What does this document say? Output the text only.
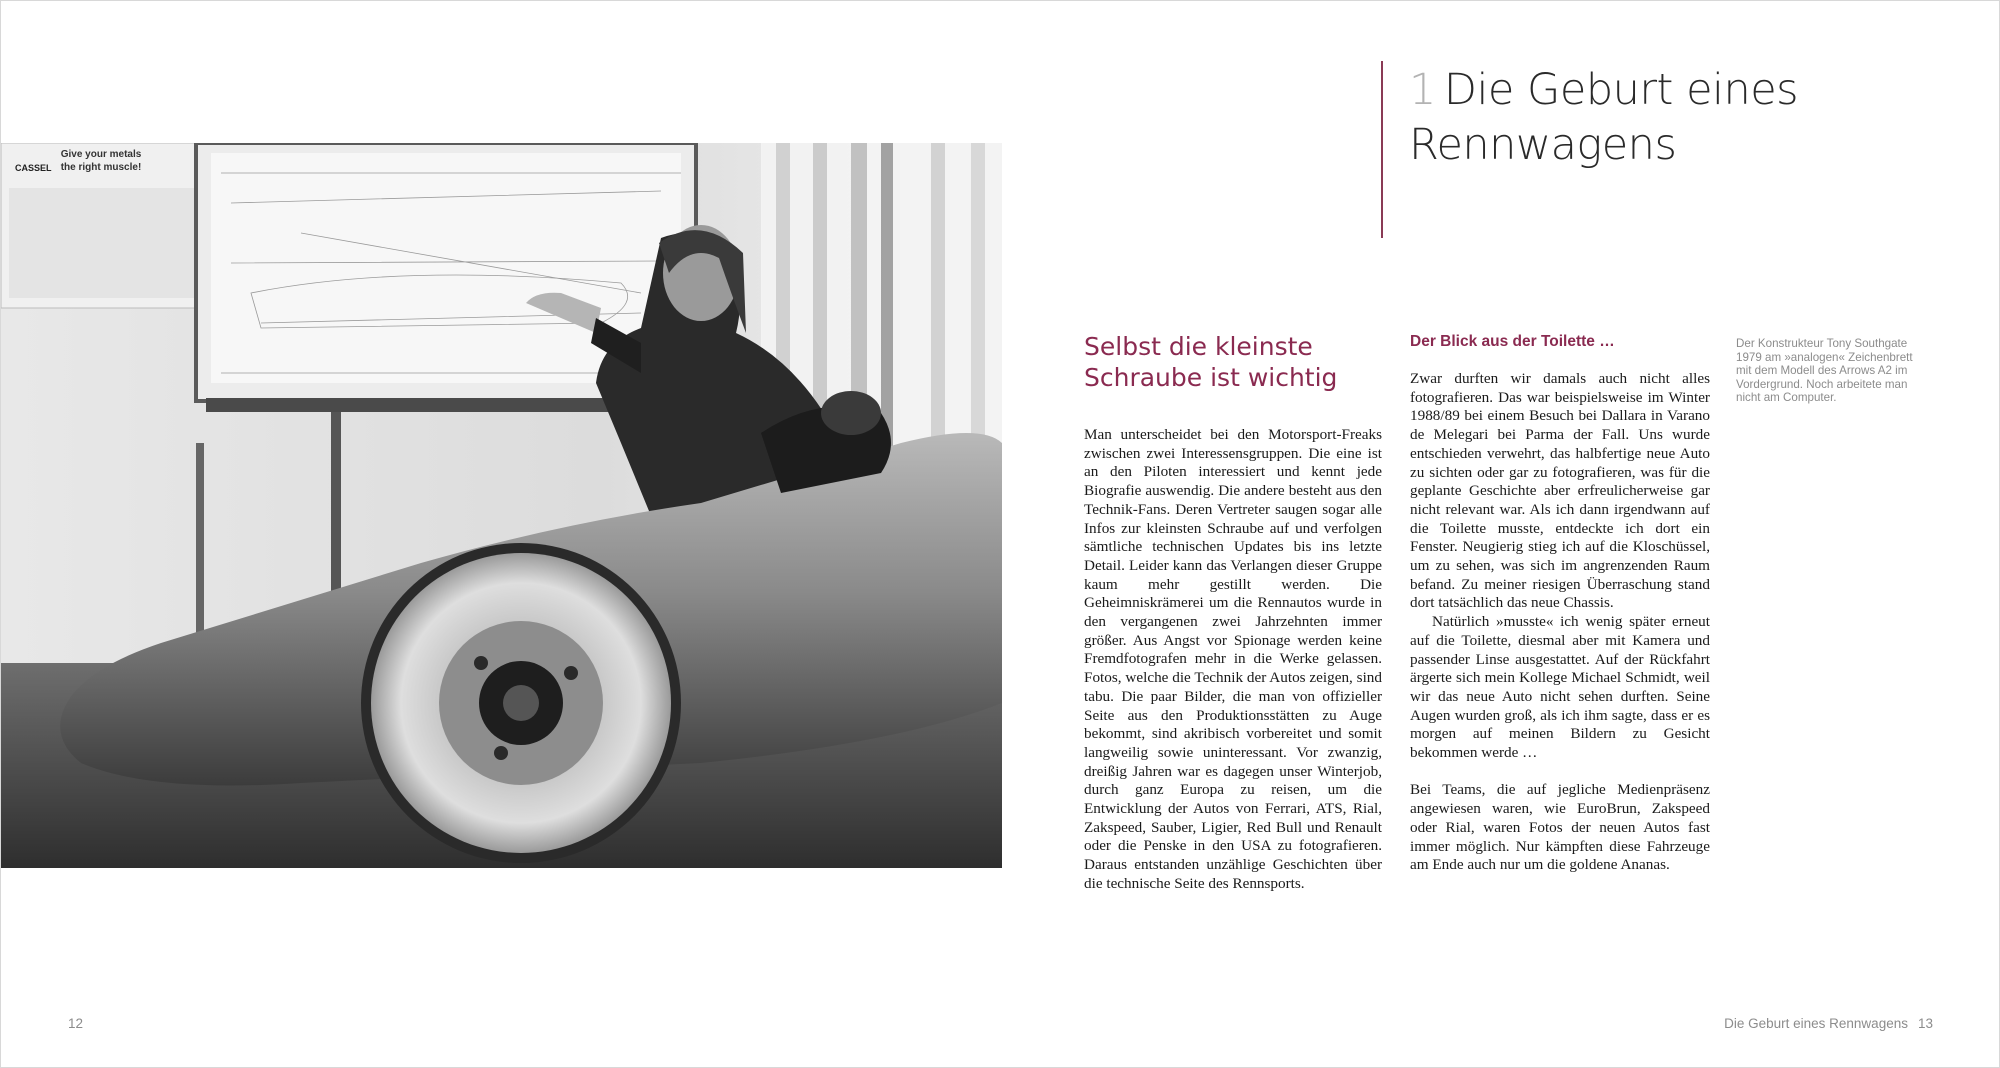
Give your metals
the right muscle!
CASSEL
1 Die Geburt eines
Rennwagens
Selbst die kleinste
Schraube ist wichtig

Man unterscheidet bei den Motorsport-Freaks zwischen zwei Interessensgruppen. Die eine ist an den Piloten interessiert und kennt jede Biografie auswendig. Die andere besteht aus den Technik-Fans. Deren Vertreter saugen sogar alle Infos zur kleinsten Schraube auf und verfolgen sämtliche technischen Updates bis ins letzte Detail. Leider kann das Verlangen dieser Gruppe kaum mehr gestillt werden. Die Geheimniskrämerei um die Rennautos wurde in den vergangenen zwei Jahrzehnten immer größer. Aus Angst vor Spionage werden keine Fremdfotografen mehr in die Werke gelassen. Fotos, welche die Technik der Autos zeigen, sind tabu. Die paar Bilder, die man von offizieller Seite aus den Produktionsstätten zu Auge bekommt, sind akribisch vorbereitet und somit langweilig sowie uninteressant. Vor zwanzig, dreißig Jahren war es dagegen unser Winterjob, durch ganz Europa zu reisen, um die Entwicklung der Autos von Ferrari, ATS, Rial, Zakspeed, Sauber, Ligier, Red Bull und Renault oder die Penske in den USA zu fotografieren. Daraus entstanden unzählige Geschichten über die technische Seite des Rennsports.

Der Blick aus der Toilette …

Zwar durften wir damals auch nicht alles fotografieren. Das war beispielsweise im Winter 1988/89 bei einem Besuch bei Dallara in Varano de Melegari bei Parma der Fall. Uns wurde entschieden verwehrt, das halbfertige neue Auto zu sichten oder gar zu fotografieren, was für die geplante Geschichte aber erfreulicherweise gar nicht relevant war. Als ich dann irgendwann auf die Toilette musste, entdeckte ich dort ein Fenster. Neugierig stieg ich auf die Kloschüssel, um zu sehen, was sich im angrenzenden Raum befand. Zu meiner riesigen Überraschung stand dort tatsächlich das neue Chassis.

Natürlich »musste« ich wenig später erneut auf die Toilette, diesmal aber mit Kamera und passender Linse ausgestattet. Auf der Rückfahrt ärgerte sich mein Kollege Michael Schmidt, weil wir das neue Auto nicht sehen durften. Seine Augen wurden groß, als ich ihm sagte, dass er es morgen auf meinen Bildern zu Gesicht bekommen werde …

Bei Teams, die auf jegliche Medienpräsenz angewiesen waren, wie EuroBrun, Zakspeed oder Rial, waren Fotos der neuen Autos fast immer möglich. Nur kämpften diese Fahrzeuge am Ende auch nur um die goldene Ananas.

Der Konstrukteur Tony Southgate 1979 am »analogen« Zeichenbrett mit dem Modell des Arrows A2 im Vordergrund. Noch arbeitete man nicht am Computer.

12	Die Geburt eines Rennwagens 13
